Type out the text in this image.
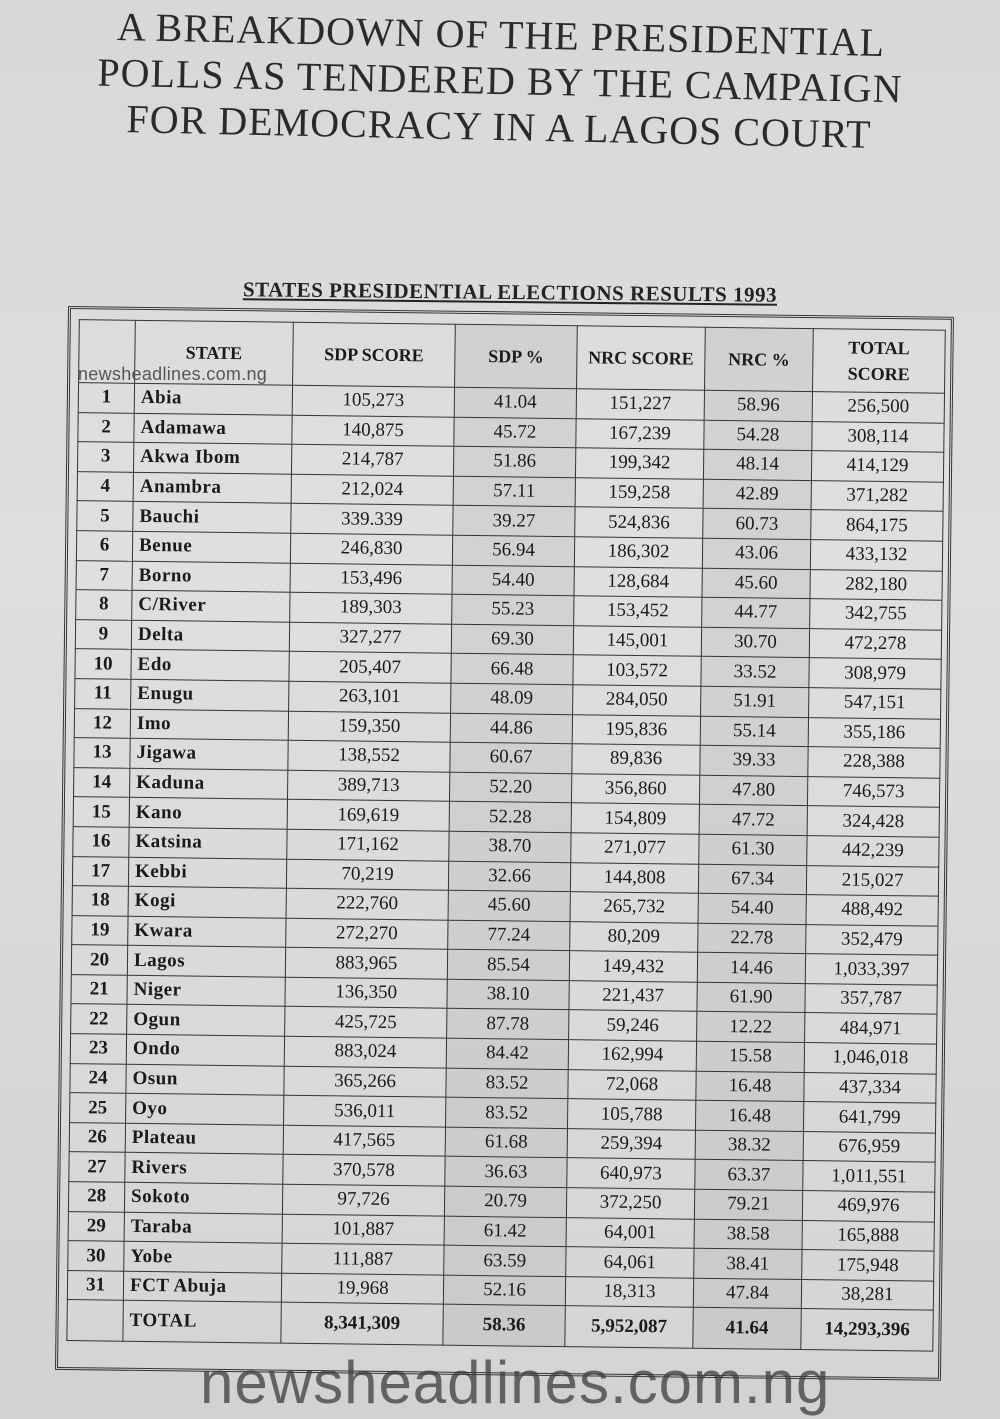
A BREAKDOWN OF THE PRESIDENTIAL
POLLS AS TENDERED BY THE CAMPAIGN
FOR DEMOCRACY IN A LAGOS COURT
STATES PRESIDENTIAL ELECTIONS RESULTS 1993
	STATE	SDP SCORE	SDP %	NRC SCORE	NRC %	TOTAL SCORE
1	Abia	105,273	41.04	151,227	58.96	256,500
2	Adamawa	140,875	45.72	167,239	54.28	308,114
3	Akwa Ibom	214,787	51.86	199,342	48.14	414,129
4	Anambra	212,024	57.11	159,258	42.89	371,282
5	Bauchi	339.339	39.27	524,836	60.73	864,175
6	Benue	246,830	56.94	186,302	43.06	433,132
7	Borno	153,496	54.40	128,684	45.60	282,180
8	C/River	189,303	55.23	153,452	44.77	342,755
9	Delta	327,277	69.30	145,001	30.70	472,278
10	Edo	205,407	66.48	103,572	33.52	308,979
11	Enugu	263,101	48.09	284,050	51.91	547,151
12	Imo	159,350	44.86	195,836	55.14	355,186
13	Jigawa	138,552	60.67	89,836	39.33	228,388
14	Kaduna	389,713	52.20	356,860	47.80	746,573
15	Kano	169,619	52.28	154,809	47.72	324,428
16	Katsina	171,162	38.70	271,077	61.30	442,239
17	Kebbi	70,219	32.66	144,808	67.34	215,027
18	Kogi	222,760	45.60	265,732	54.40	488,492
19	Kwara	272,270	77.24	80,209	22.78	352,479
20	Lagos	883,965	85.54	149,432	14.46	1,033,397
21	Niger	136,350	38.10	221,437	61.90	357,787
22	Ogun	425,725	87.78	59,246	12.22	484,971
23	Ondo	883,024	84.42	162,994	15.58	1,046,018
24	Osun	365,266	83.52	72,068	16.48	437,334
25	Oyo	536,011	83.52	105,788	16.48	641,799
26	Plateau	417,565	61.68	259,394	38.32	676,959
27	Rivers	370,578	36.63	640,973	63.37	1,011,551
28	Sokoto	97,726	20.79	372,250	79.21	469,976
29	Taraba	101,887	61.42	64,001	38.58	165,888
30	Yobe	111,887	63.59	64,061	38.41	175,948
31	FCT Abuja	19,968	52.16	18,313	47.84	38,281
	TOTAL	8,341,309	58.36	5,952,087	41.64	14,293,396
newsheadlines.com.ng
newsheadlines.com.ng
